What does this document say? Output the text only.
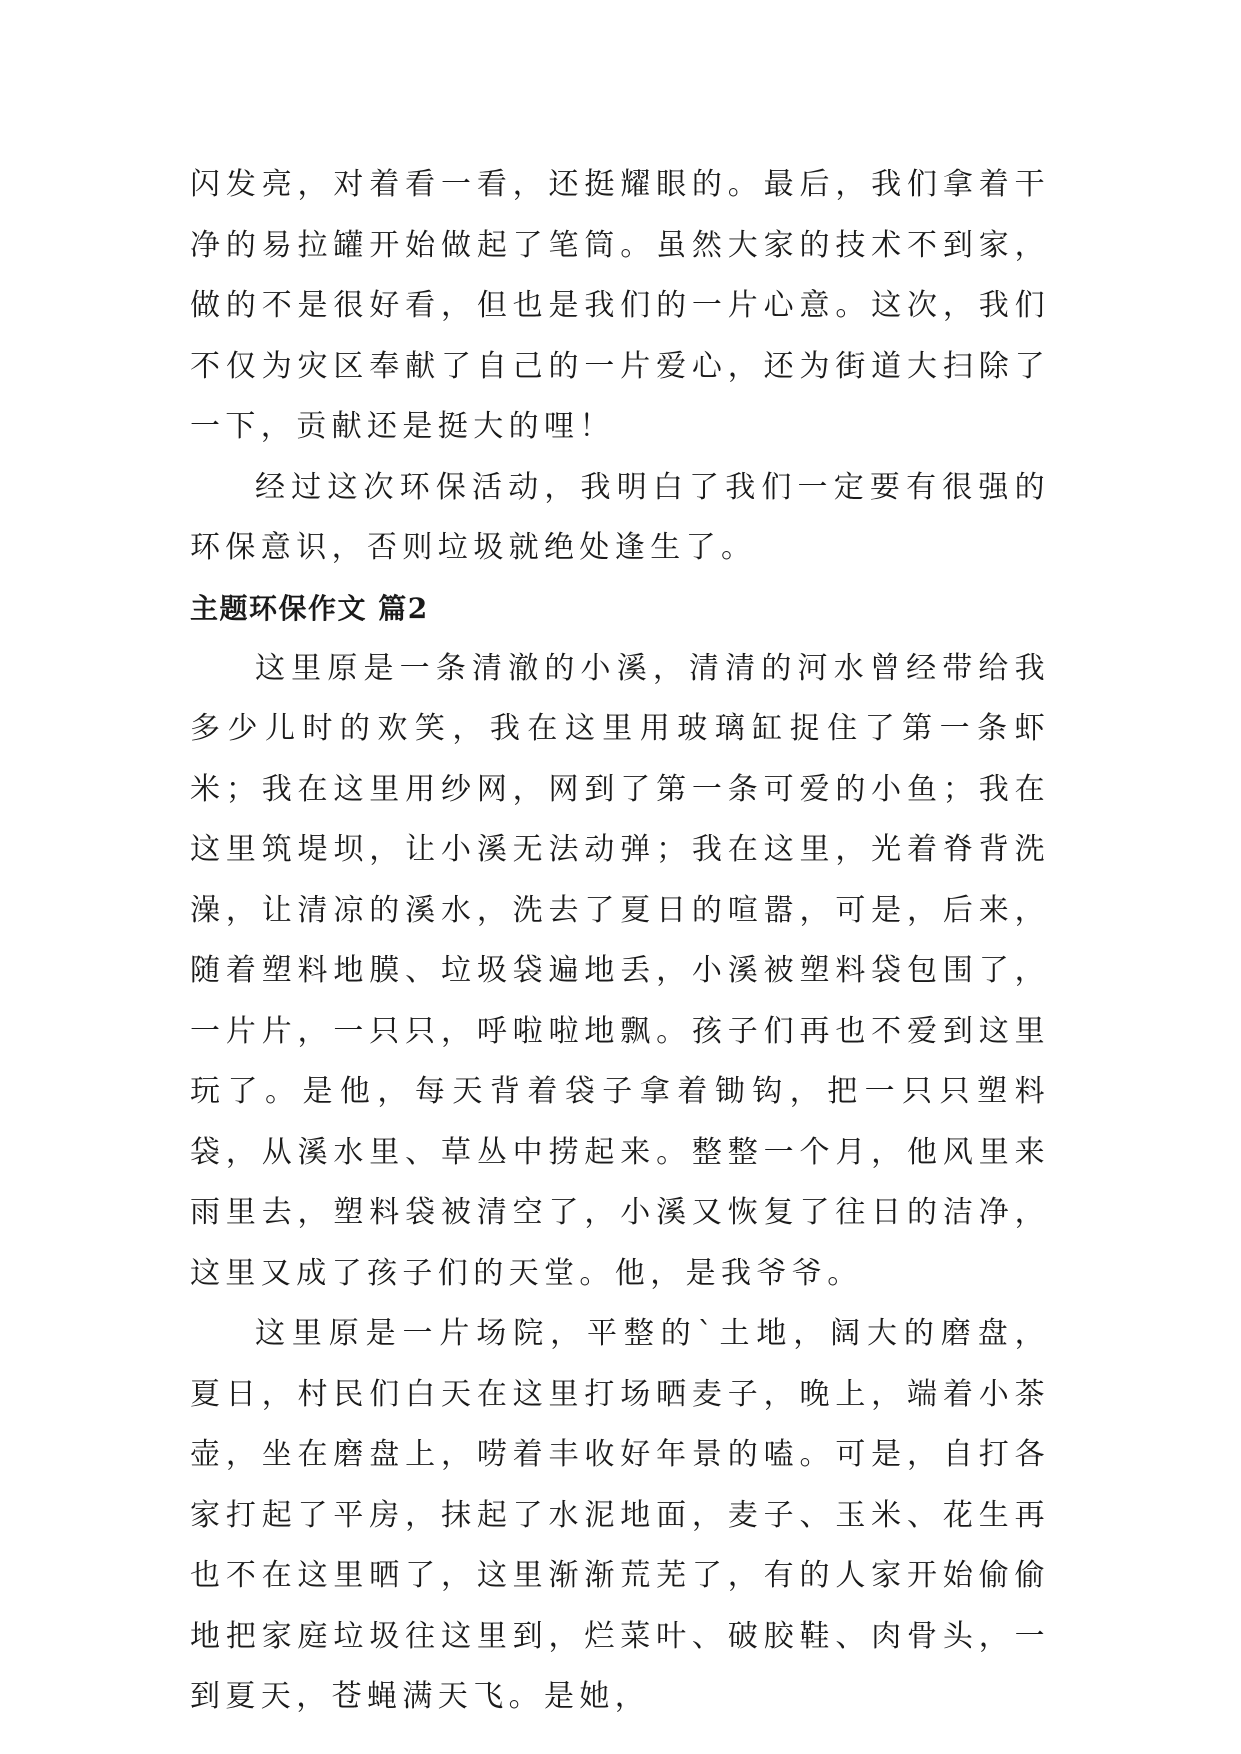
闪发亮，对着看一看，还挺耀眼的。最后，我们拿着干净的易拉罐开始做起了笔筒。虽然大家的技术不到家，做的不是很好看，但也是我们的一片心意。这次，我们不仅为灾区奉献了自己的一片爱心，还为街道大扫除了一下，贡献还是挺大的哩！

经过这次环保活动，我明白了我们一定要有很强的环保意识，否则垃圾就绝处逢生了。

主题环保作文 篇2

这里原是一条清澈的小溪，清清的河水曾经带给我多少儿时的欢笑，我在这里用玻璃缸捉住了第一条虾米；我在这里用纱网，网到了第一条可爱的小鱼；我在这里筑堤坝，让小溪无法动弹；我在这里，光着脊背洗澡，让清凉的溪水，洗去了夏日的喧嚣，可是，后来，随着塑料地膜、垃圾袋遍地丢，小溪被塑料袋包围了，一片片，一只只，呼啦啦地飘。孩子们再也不爱到这里玩了。是他，每天背着袋子拿着锄钩，把一只只塑料袋，从溪水里、草丛中捞起来。整整一个月，他风里来雨里去，塑料袋被清空了，小溪又恢复了往日的洁净，这里又成了孩子们的天堂。他，是我爷爷。

这里原是一片场院，平整的`土地，阔大的磨盘，夏日，村民们白天在这里打场晒麦子，晚上，端着小茶壶，坐在磨盘上，唠着丰收好年景的嗑。可是，自打各家打起了平房，抹起了水泥地面，麦子、玉米、花生再也不在这里晒了，这里渐渐荒芜了，有的人家开始偷偷地把家庭垃圾往这里到，烂菜叶、破胶鞋、肉骨头，一到夏天，苍蝇满天飞。是她，
